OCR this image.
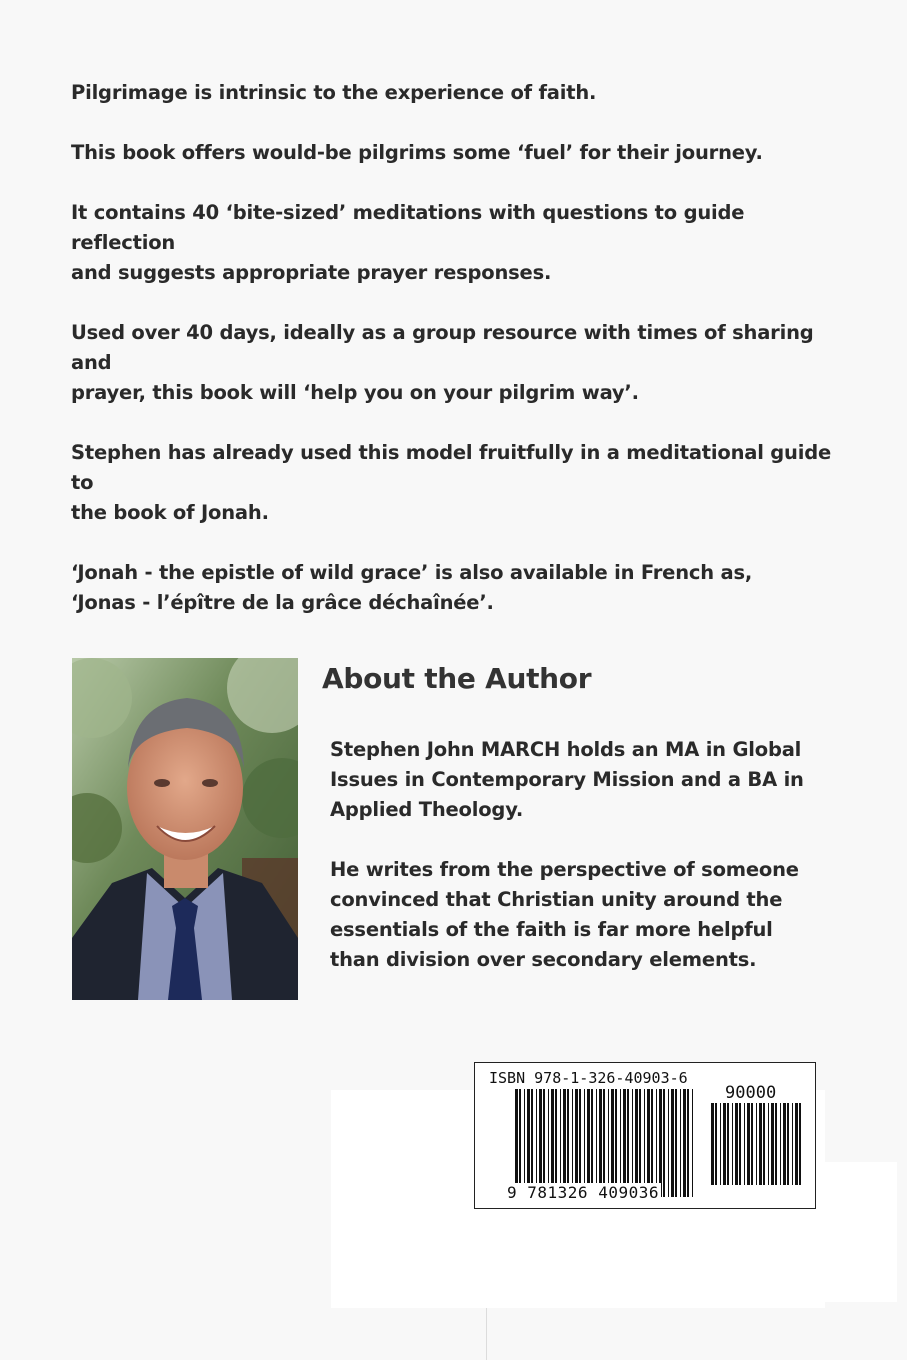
Pilgrimage is intrinsic to the experience of faith.

This book offers would-be pilgrims some ‘fuel’ for their journey.

It contains 40 ‘bite-sized’ meditations with questions to guide reflection
and suggests appropriate prayer responses.

Used over 40 days, ideally as a group resource with times of sharing and
prayer, this book will ‘help you on your pilgrim way’.

Stephen has already used this model fruitfully in a meditational guide to
the book of Jonah.

‘Jonah - the epistle of wild grace’ is also available in French as,
‘Jonas - l’épître de la grâce déchaînée’.

About the Author

Stephen John MARCH holds an MA in Global
Issues in Contemporary Mission and a BA in
Applied Theology.

He writes from the perspective of someone
convinced that Christian unity around the
essentials of the faith is far more helpful
than division over secondary elements.

ISBN 978-1-326-40903-6
90000
9 781326 409036
